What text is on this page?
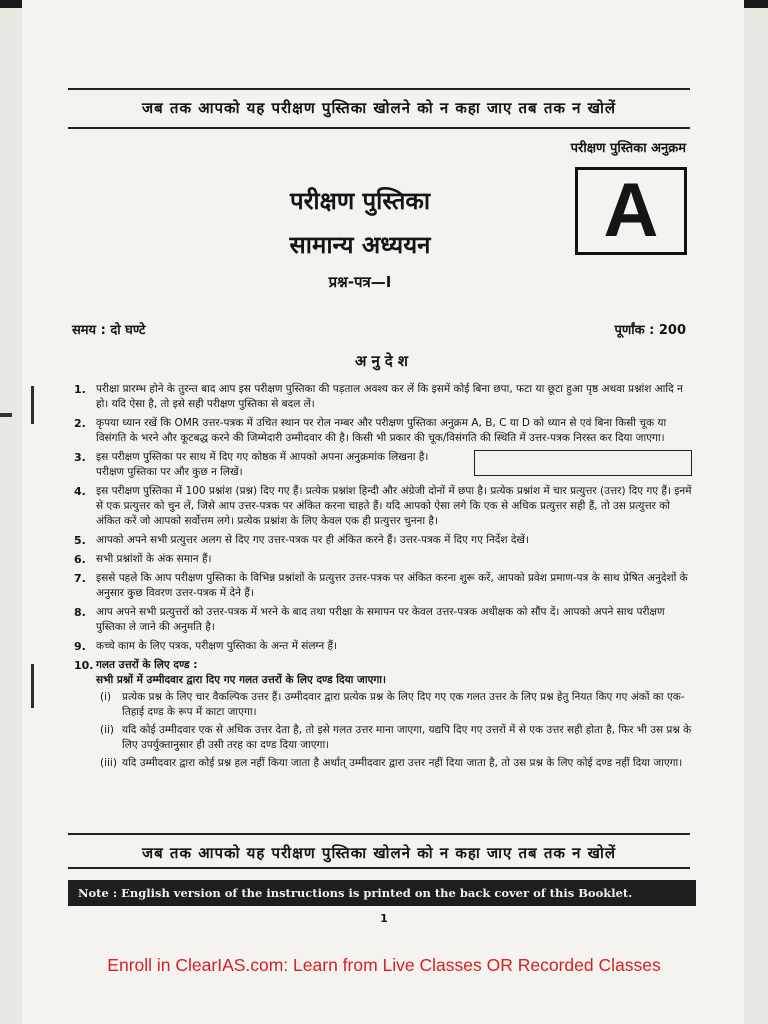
जब तक आपको यह परीक्षण पुस्तिका खोलने को न कहा जाए तब तक न खोलें
परीक्षण पुस्तिका अनुक्रम
A
परीक्षण पुस्तिका
सामान्य अध्ययन
प्रश्न-पत्र—I
समय : दो घण्टे	पूर्णांक : 200
अनुदेश
1. परीक्षा प्रारम्भ होने के तुरन्त बाद आप इस परीक्षण पुस्तिका की पड़ताल अवश्य कर लें कि इसमें कोई बिना छपा, फटा या छूटा हुआ पृष्ठ अथवा प्रश्नांश आदि न हो। यदि ऐसा है, तो इसे सही परीक्षण पुस्तिका से बदल लें।
2. कृपया ध्यान रखें कि OMR उत्तर-पत्रक में उचित स्थान पर रोल नम्बर और परीक्षण पुस्तिका अनुक्रम A, B, C या D को ध्यान से एवं बिना किसी चूक या विसंगति के भरने और कूटबद्ध करने की जिम्मेदारी उम्मीदवार की है। किसी भी प्रकार की चूक/विसंगति की स्थिति में उत्तर-पत्रक निरस्त कर दिया जाएगा।
3. इस परीक्षण पुस्तिका पर साथ में दिए गए कोष्ठक में आपको अपना अनुक्रमांक लिखना है। परीक्षण पुस्तिका पर और कुछ न लिखें।
4. इस परीक्षण पुस्तिका में 100 प्रश्नांश (प्रश्न) दिए गए हैं। प्रत्येक प्रश्नांश हिन्दी और अंग्रेजी दोनों में छपा है। प्रत्येक प्रश्नांश में चार प्रत्युत्तर (उत्तर) दिए गए हैं। इनमें से एक प्रत्युत्तर को चुन लें, जिसे आप उत्तर-पत्रक पर अंकित करना चाहते हैं। यदि आपको ऐसा लगे कि एक से अधिक प्रत्युत्तर सही हैं, तो उस प्रत्युत्तर को अंकित करें जो आपको सर्वोत्तम लगे। प्रत्येक प्रश्नांश के लिए केवल एक ही प्रत्युत्तर चुनना है।
5. आपको अपने सभी प्रत्युत्तर अलग से दिए गए उत्तर-पत्रक पर ही अंकित करने हैं। उत्तर-पत्रक में दिए गए निर्देश देखें।
6. सभी प्रश्नांशों के अंक समान हैं।
7. इससे पहले कि आप परीक्षण पुस्तिका के विभिन्न प्रश्नांशों के प्रत्युत्तर उत्तर-पत्रक पर अंकित करना शुरू करें, आपको प्रवेश प्रमाण-पत्र के साथ प्रेषित अनुदेशों के अनुसार कुछ विवरण उत्तर-पत्रक में देने हैं।
8. आप अपने सभी प्रत्युत्तरों को उत्तर-पत्रक में भरने के बाद तथा परीक्षा के समापन पर केवल उत्तर-पत्रक अधीक्षक को सौंप दें। आपको अपने साथ परीक्षण पुस्तिका ले जाने की अनुमति है।
9. कच्चे काम के लिए पत्रक, परीक्षण पुस्तिका के अन्त में संलग्न हैं।
10. गलत उत्तरों के लिए दण्ड :
सभी प्रश्नों में उम्मीदवार द्वारा दिए गए गलत उत्तरों के लिए दण्ड दिया जाएगा।
(i) प्रत्येक प्रश्न के लिए चार वैकल्पिक उत्तर हैं। उम्मीदवार द्वारा प्रत्येक प्रश्न के लिए दिए गए एक गलत उत्तर के लिए प्रश्न हेतु नियत किए गए अंकों का एक-तिहाई दण्ड के रूप में काटा जाएगा।
(ii) यदि कोई उम्मीदवार एक से अधिक उत्तर देता है, तो इसे गलत उत्तर माना जाएगा, यद्यपि दिए गए उत्तरों में से एक उत्तर सही होता है, फिर भी उस प्रश्न के लिए उपर्युक्तानुसार ही उसी तरह का दण्ड दिया जाएगा।
(iii) यदि उम्मीदवार द्वारा कोई प्रश्न हल नहीं किया जाता है अर्थात् उम्मीदवार द्वारा उत्तर नहीं दिया जाता है, तो उस प्रश्न के लिए कोई दण्ड नहीं दिया जाएगा।
जब तक आपको यह परीक्षण पुस्तिका खोलने को न कहा जाए तब तक न खोलें
Note : English version of the instructions is printed on the back cover of this Booklet.
1
Enroll in ClearIAS.com: Learn from Live Classes OR Recorded Classes
